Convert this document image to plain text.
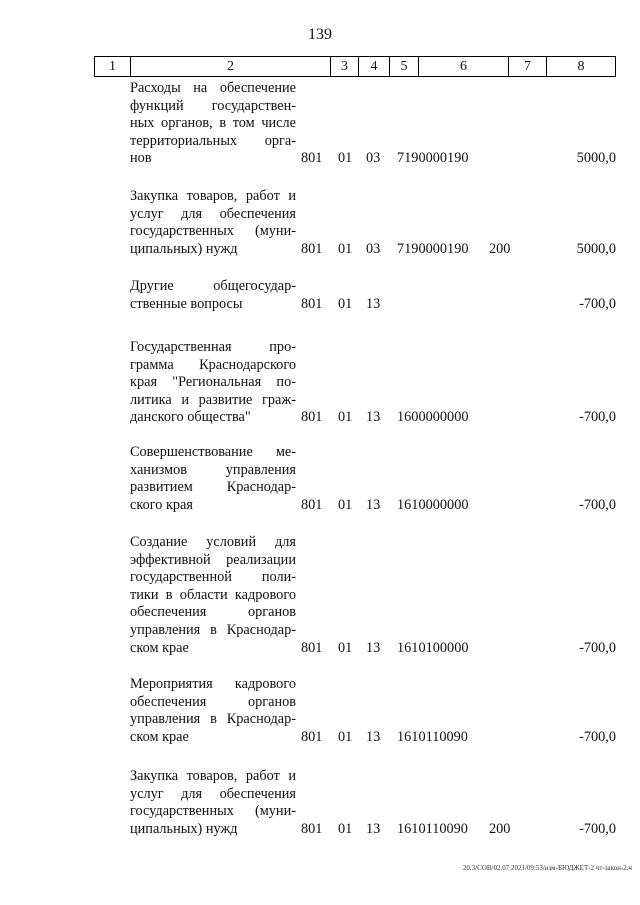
139
1	2	3	4	5	6	7	8
Расходы на обеспечение
функций государствен-
ных органов, в том числе
территориальных орга-
нов	801 01 03 7190000190	5000,0
Закупка товаров, работ и
услуг для обеспечения
государственных (муни-
ципальных) нужд	801 01 03 7190000190 200	5000,0
Другие общегосудар-
ственные вопросы	801 01 13	-700,0
Государственная про-
грамма Краснодарского
края "Региональная по-
литика и развитие граж-
данского общества"	801 01 13 1600000000	-700,0
Совершенствование ме-
ханизмов управления
развитием Краснодар-
ского края	801 01 13 1610000000	-700,0
Создание условий для
эффективной реализации
государственной поли-
тики в области кадрового
обеспечения органов
управления в Краснодар-
ском крае	801 01 13 1610100000	-700,0
Мероприятия кадрового
обеспечения органов
управления в Краснодар-
ском крае	801 01 13 1610110090	-700,0
Закупка товаров, работ и
услуг для обеспечения
государственных (муни-
ципальных) нужд	801 01 13 1610110090 200	-700,0
20.3/СОВ/02.07.2021/09:53/изм-БЮДЖЕТ-2 чт-закон-2.ч
